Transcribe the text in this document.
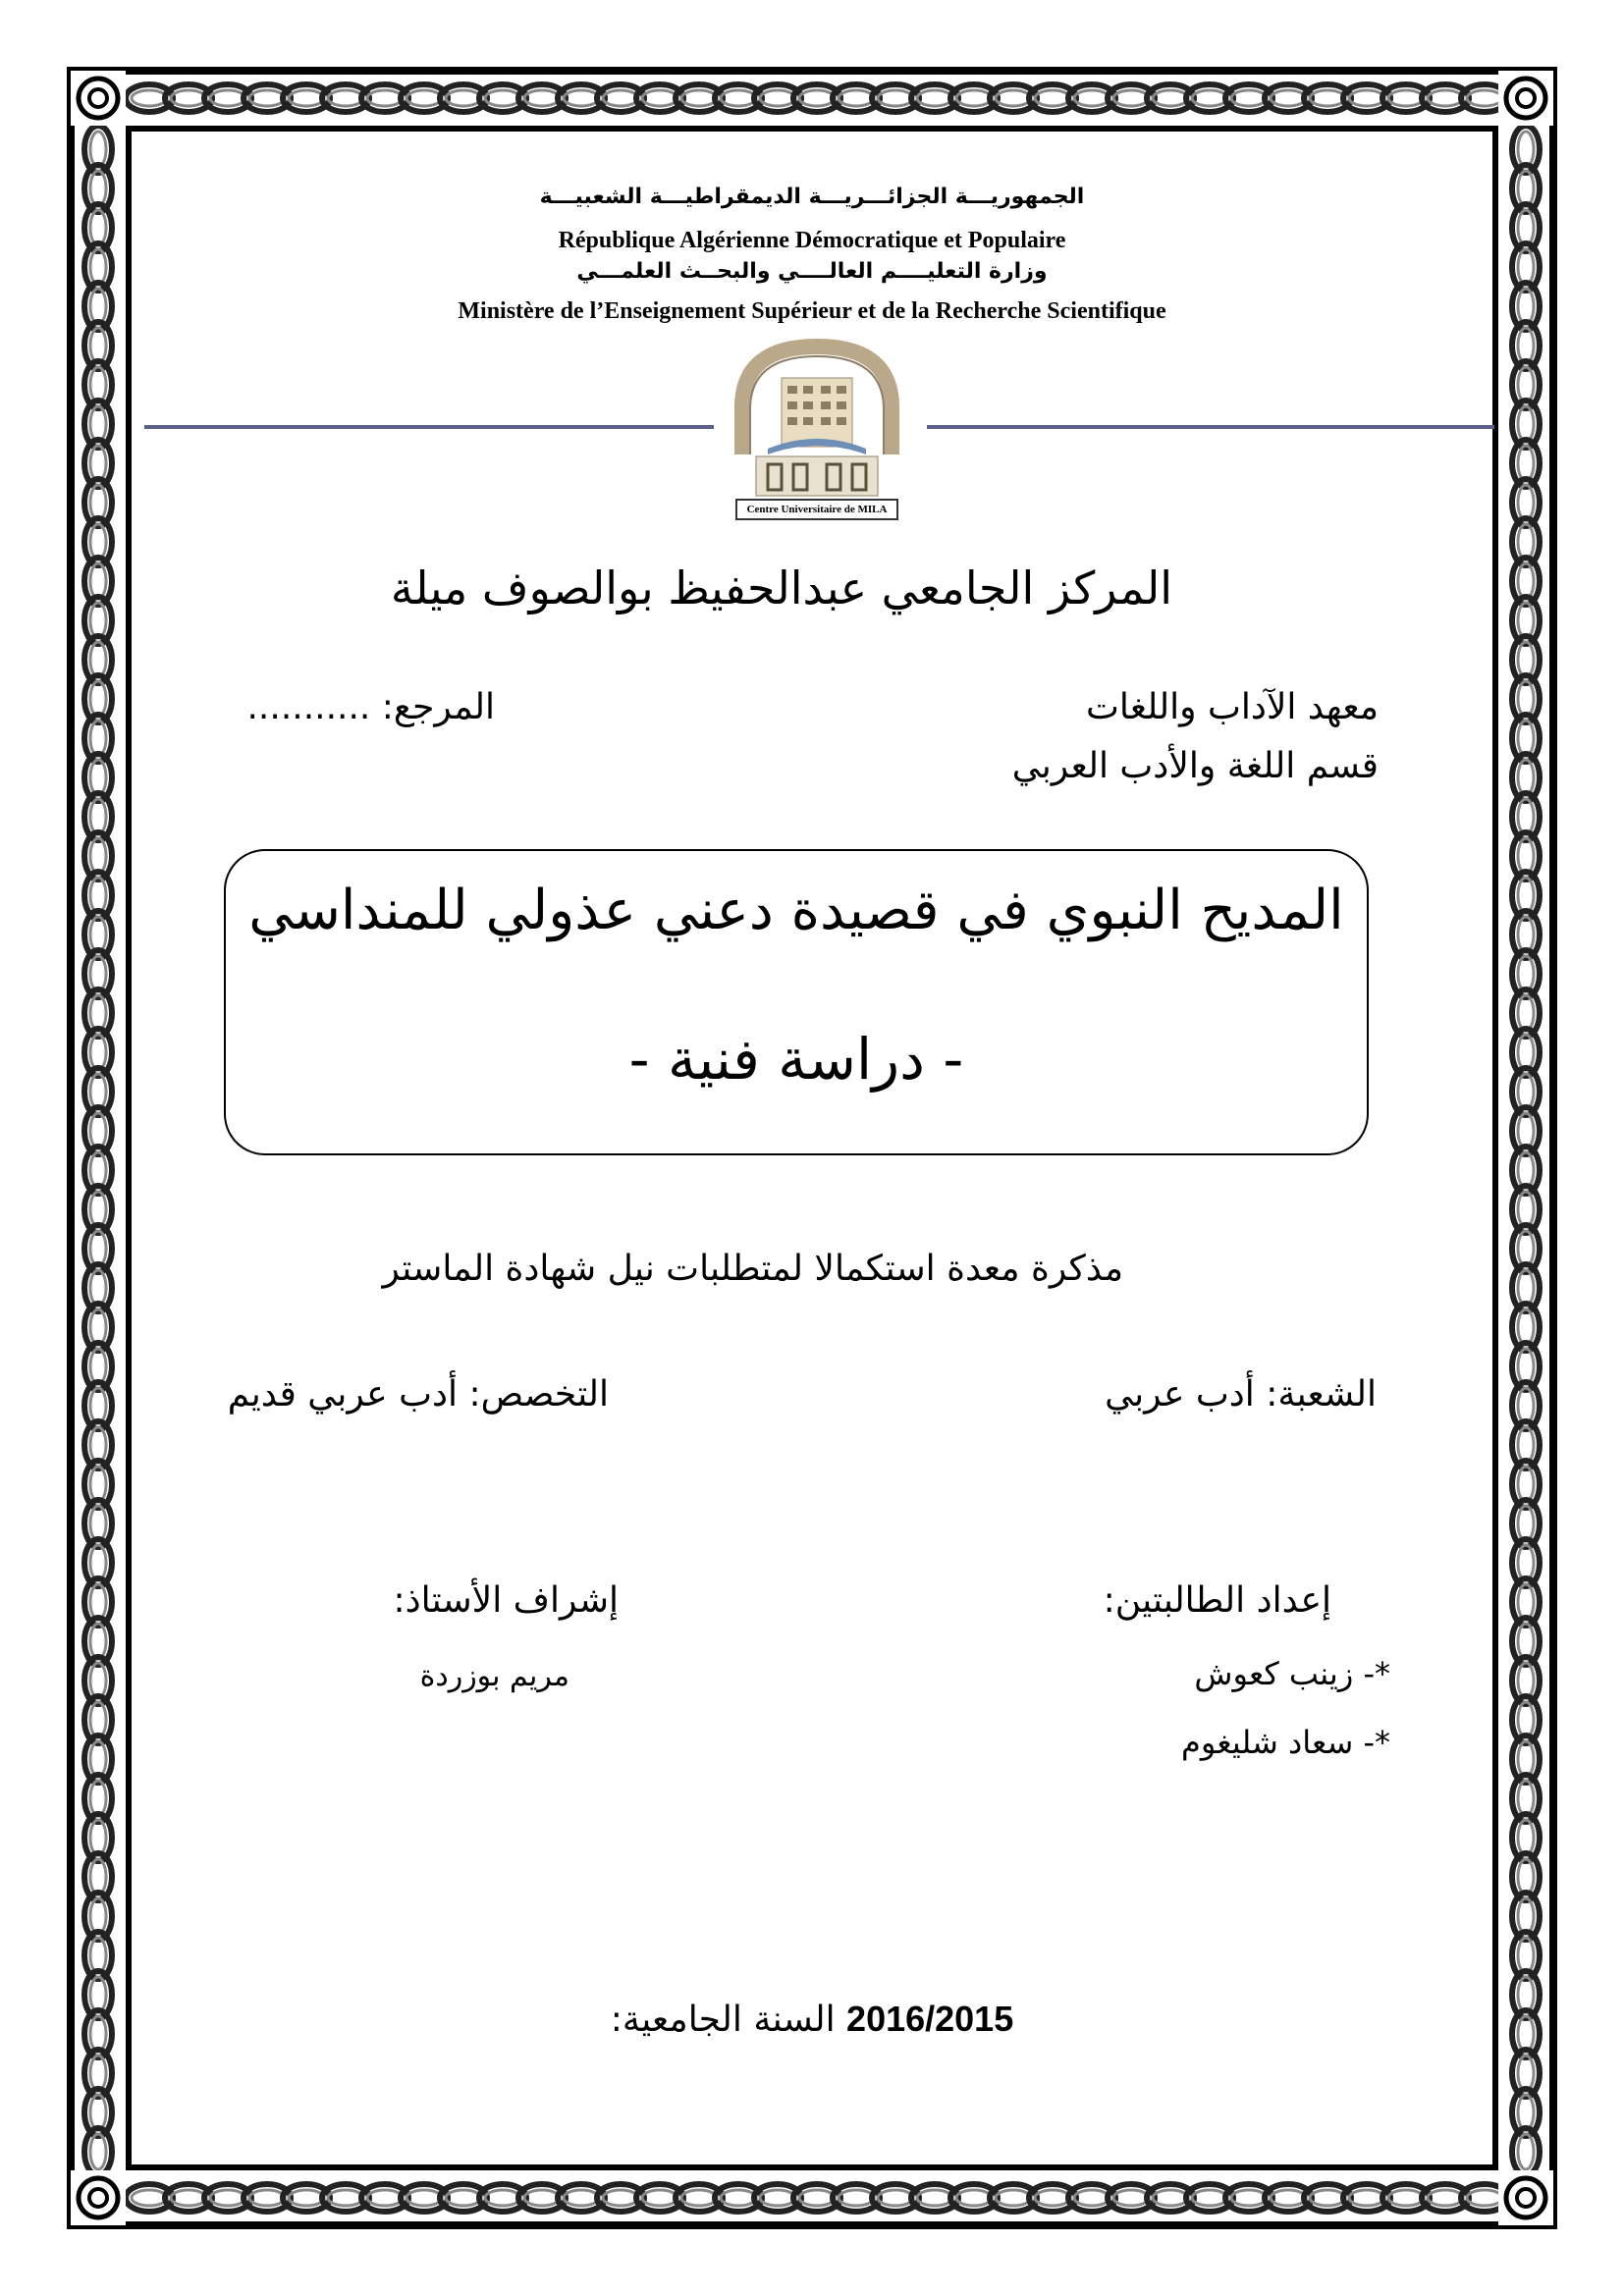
الجمهوريـــة الجزائـــريـــة الديمقراطيـــة الشعبيـــة
République Algérienne Démocratique et Populaire
وزارة التعليــــم العالــــي والبحــث العلمـــي
Ministère de l’Enseignement Supérieur et de la Recherche Scientifique
Centre Universitaire de MILA
المركز الجامعي عبدالحفيظ بوالصوف ميلة
معهد الآداب واللغات
قسم اللغة والأدب العربي
المرجع: ...........
المديح النبوي في قصيدة دعني عذولي للمنداسي
- دراسة فنية -
مذكرة معدة استكمالا لمتطلبات نيل شهادة الماستر
الشعبة: أدب عربي
التخصص: أدب عربي قديم
إعداد الطالبتين:
*- زينب كعوش
*- سعاد شليغوم
إشراف الأستاذ:
مريم بوزردة
السنة الجامعية: 2016/2015
